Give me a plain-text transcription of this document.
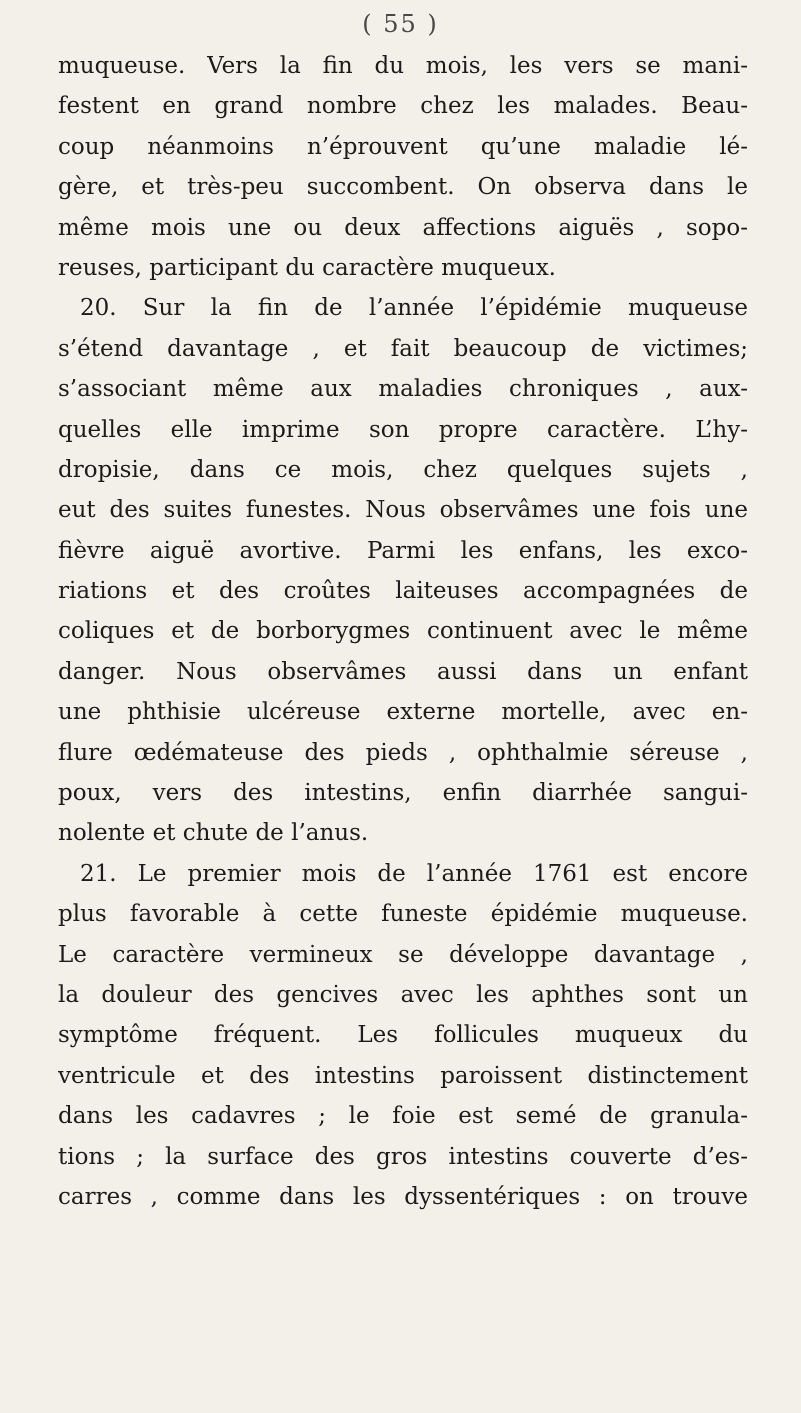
( 55 )
muqueuse. Vers la fin du mois, les vers se mani-
festent en grand nombre chez les malades. Beau-
coup néanmoins n’éprouvent qu’une maladie lé-
gère, et très-peu succombent. On observa dans le
même mois une ou deux affections aiguës , sopo-
reuses, participant du caractère muqueux.
20. Sur la fin de l’année l’épidémie muqueuse
s’étend davantage , et fait beaucoup de victimes;
s’associant même aux maladies chroniques , aux-
quelles elle imprime son propre caractère. L’hy-
dropisie, dans ce mois, chez quelques sujets ,
eut des suites funestes. Nous observâmes une fois une
fièvre aiguë avortive. Parmi les enfans, les exco-
riations et des croûtes laiteuses accompagnées de
coliques et de borborygmes continuent avec le même
danger. Nous observâmes aussi dans un enfant
une phthisie ulcéreuse externe mortelle, avec en-
flure œdémateuse des pieds , ophthalmie séreuse ,
poux, vers des intestins, enfin diarrhée sangui-
nolente et chute de l’anus.
21. Le premier mois de l’année 1761 est encore
plus favorable à cette funeste épidémie muqueuse.
Le caractère vermineux se développe davantage ,
la douleur des gencives avec les aphthes sont un
symptôme fréquent. Les follicules muqueux du
ventricule et des intestins paroissent distinctement
dans les cadavres ; le foie est semé de granula-
tions ; la surface des gros intestins couverte d’es-
carres , comme dans les dyssentériques : on trouve
